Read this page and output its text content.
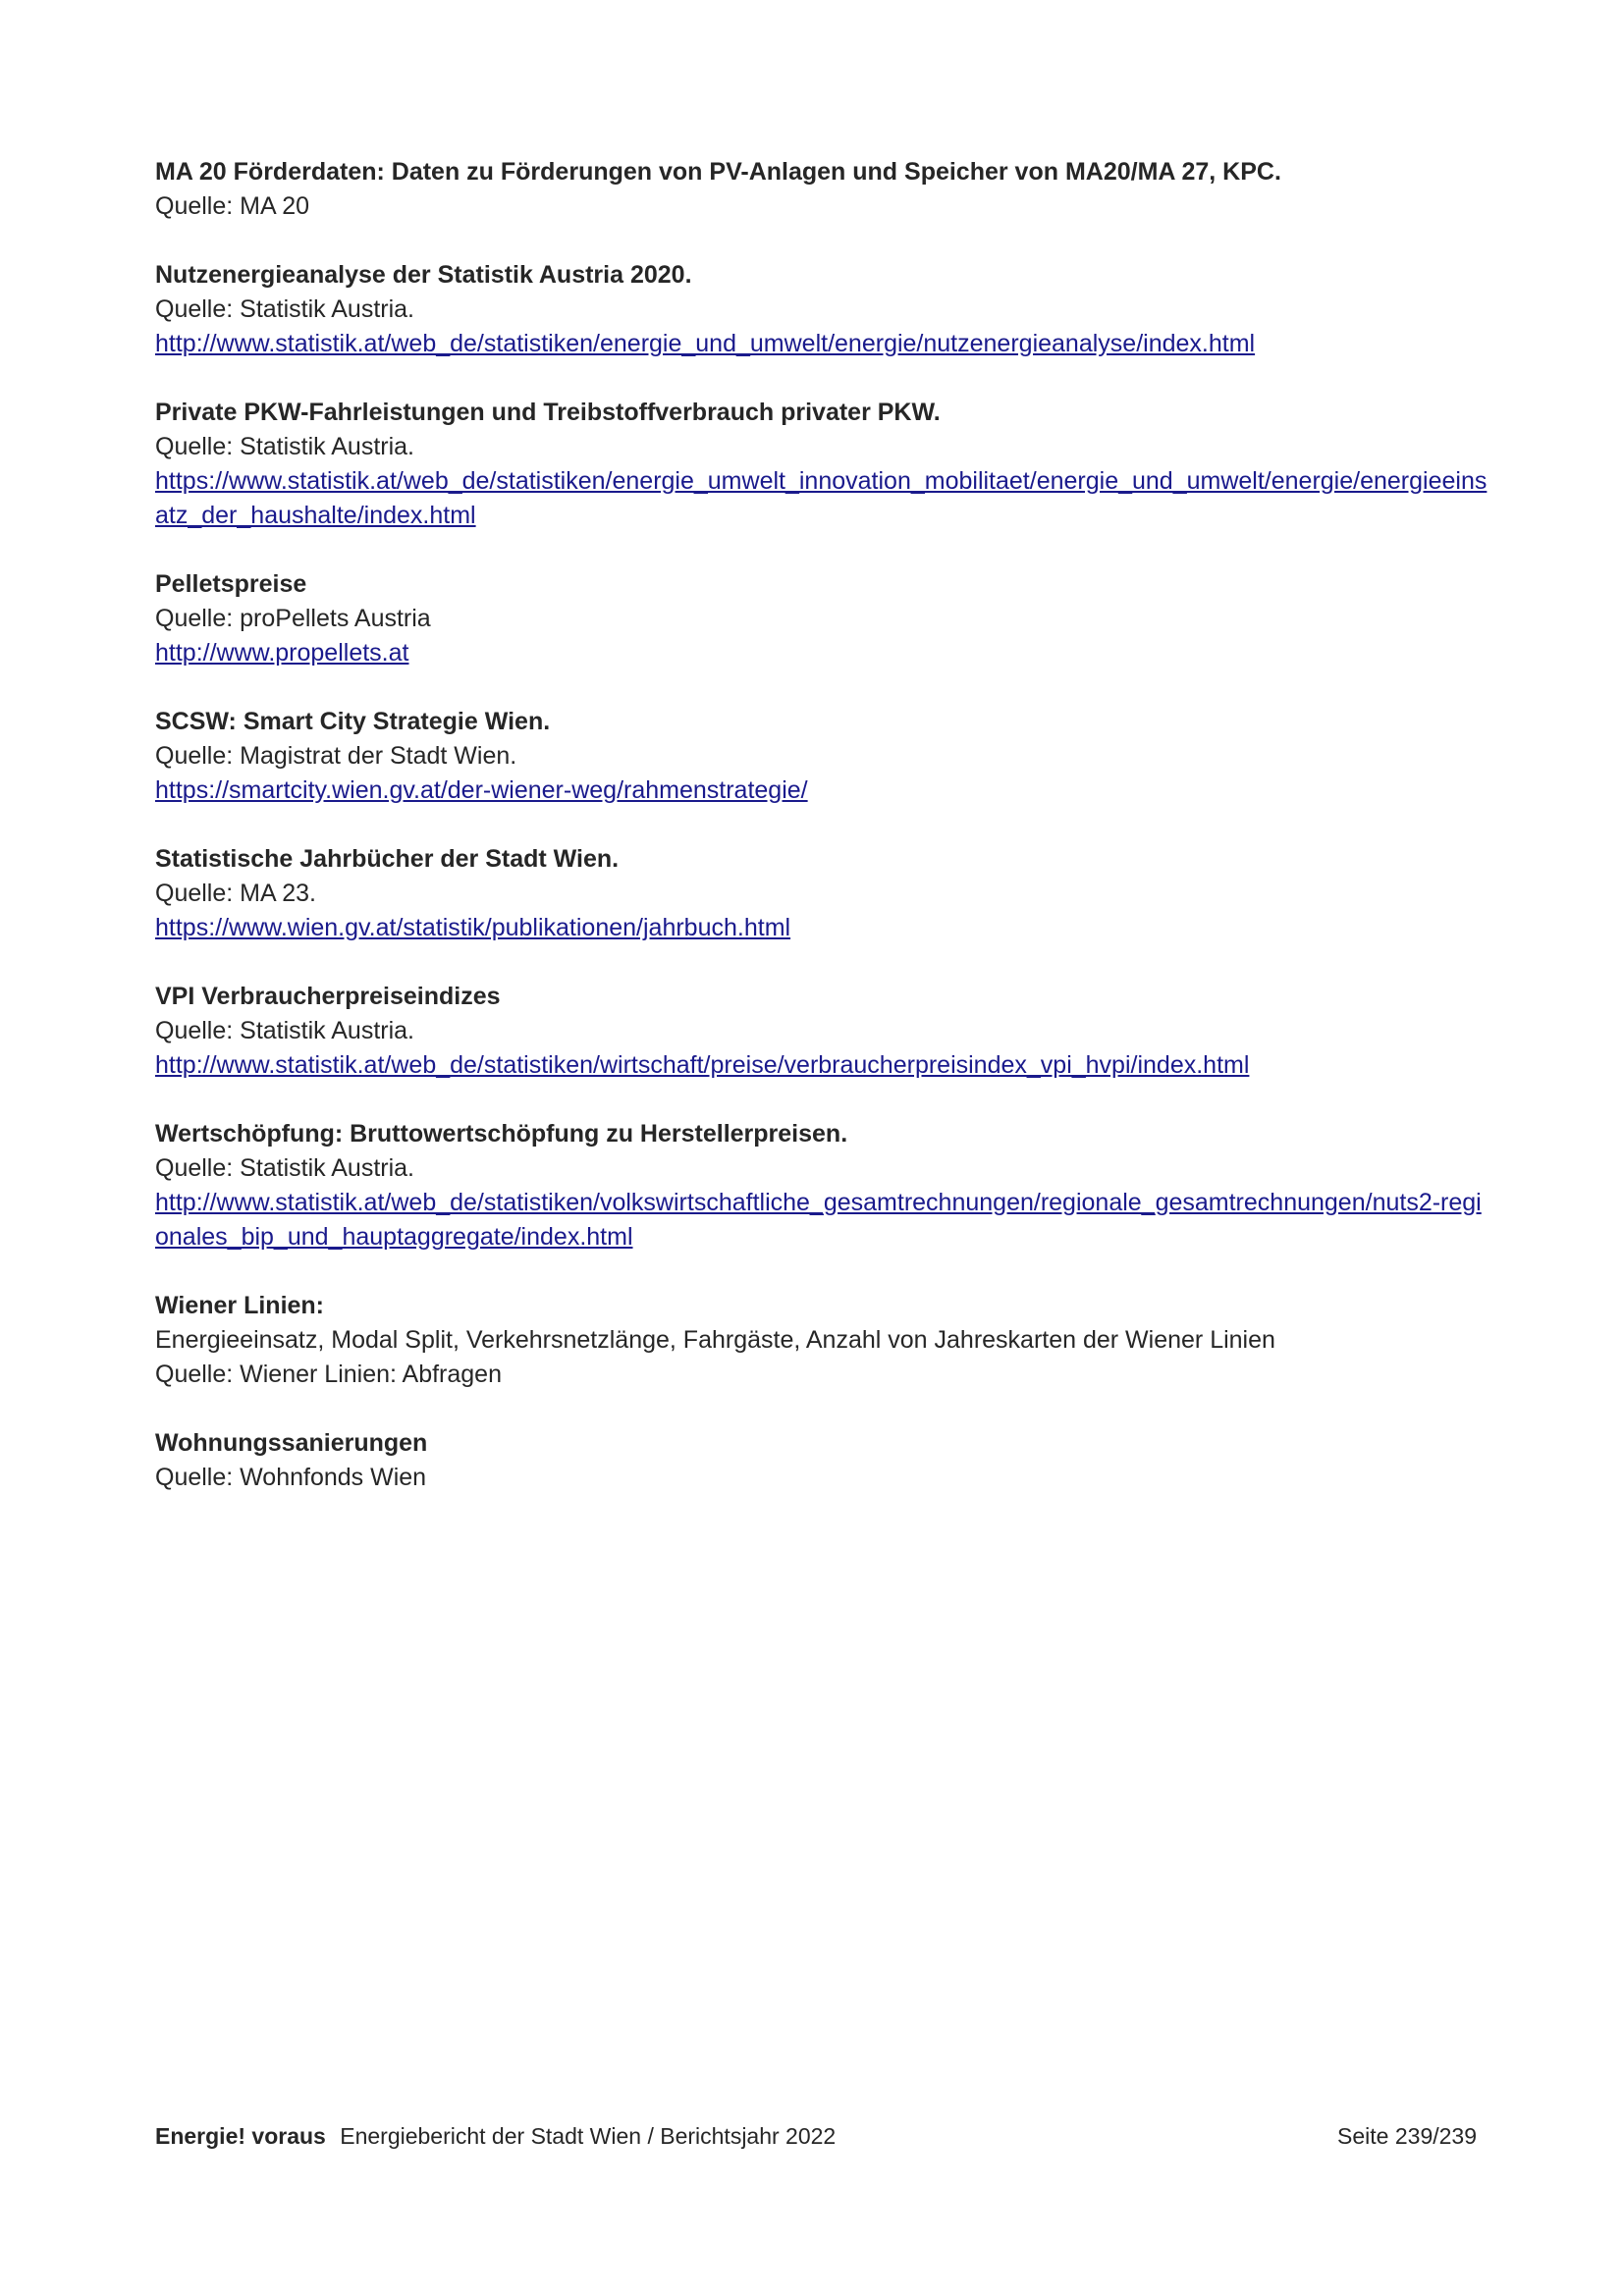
MA 20 Förderdaten: Daten zu Förderungen von PV-Anlagen und Speicher von MA20/MA 27, KPC.
Quelle: MA 20
Nutzenergieanalyse der Statistik Austria 2020.
Quelle: Statistik Austria.
http://www.statistik.at/web_de/statistiken/energie_und_umwelt/energie/nutzenergieanalyse/index.html
Private PKW-Fahrleistungen und Treibstoffverbrauch privater PKW.
Quelle: Statistik Austria.
https://www.statistik.at/web_de/statistiken/energie_umwelt_innovation_mobilitaet/energie_und_umwelt/energie/energieeinsatz_der_haushalte/index.html
Pelletspreise
Quelle: proPellets Austria
http://www.propellets.at
SCSW: Smart City Strategie Wien.
Quelle: Magistrat der Stadt Wien.
https://smartcity.wien.gv.at/der-wiener-weg/rahmenstrategie/
Statistische Jahrbücher der Stadt Wien.
Quelle: MA 23.
https://www.wien.gv.at/statistik/publikationen/jahrbuch.html
VPI Verbraucherpreiseindizes
Quelle: Statistik Austria.
http://www.statistik.at/web_de/statistiken/wirtschaft/preise/verbraucherpreisindex_vpi_hvpi/index.html
Wertschöpfung: Bruttowertschöpfung zu Herstellerpreisen.
Quelle: Statistik Austria.
http://www.statistik.at/web_de/statistiken/volkswirtschaftliche_gesamtrechnungen/regionale_gesamtrechnungen/nuts2-regionales_bip_und_hauptaggregate/index.html
Wiener Linien:
Energieeinsatz, Modal Split, Verkehrsnetzlänge, Fahrgäste, Anzahl von Jahreskarten der Wiener Linien
Quelle: Wiener Linien: Abfragen
Wohnungssanierungen
Quelle: Wohnfonds Wien
Energie! voraus Energiebericht der Stadt Wien / Berichtsjahr 2022	Seite 239/239
